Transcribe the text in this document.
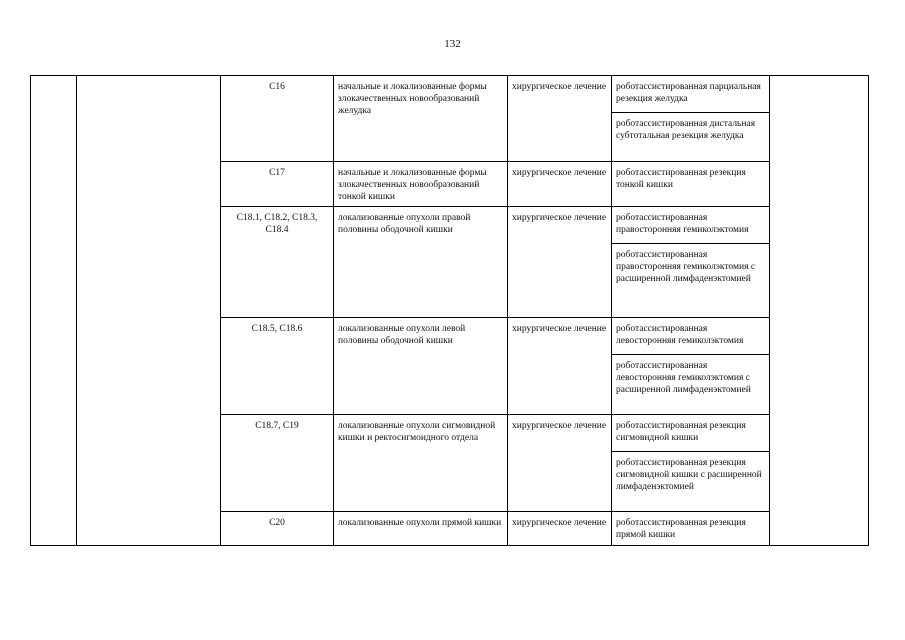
132
		C16	начальные и локализованные формы злокачественных новообразований желудка	хирургическое лечение	роботассистированная парциальная резекция желудка
роботассистированная дистальная субтотальная резекция желудка	

		C17	начальные и локализованные формы злокачественных новообразований тонкой кишки	хирургическое лечение	роботассистированная резекция тонкой кишки	
		C18.1, C18.2, C18.3, C18.4	локализованные опухоли правой половины ободочной кишки	хирургическое лечение	роботассистированная правосторонняя гемиколэктомия
роботассистированная правосторонняя гемиколэктомия с расширенной лимфаденэктомией	

		C18.5, C18.6	локализованные опухоли левой половины ободочной кишки	хирургическое лечение	роботассистированная левосторонняя гемиколэктомия
роботассистированная левосторонняя гемиколэктомия с расширенной лимфаденэктомией	

		C18.7, C19	локализованные опухоли сигмовидной кишки и ректосигмоидного отдела	хирургическое лечение	роботассистированная резекция сигмовидной кишки
роботассистированная резекция сигмовидной кишки с расширенной лимфаденэктомией	

		C20	локализованные опухоли прямой кишки	хирургическое лечение	роботассистированная резекция прямой кишки	
